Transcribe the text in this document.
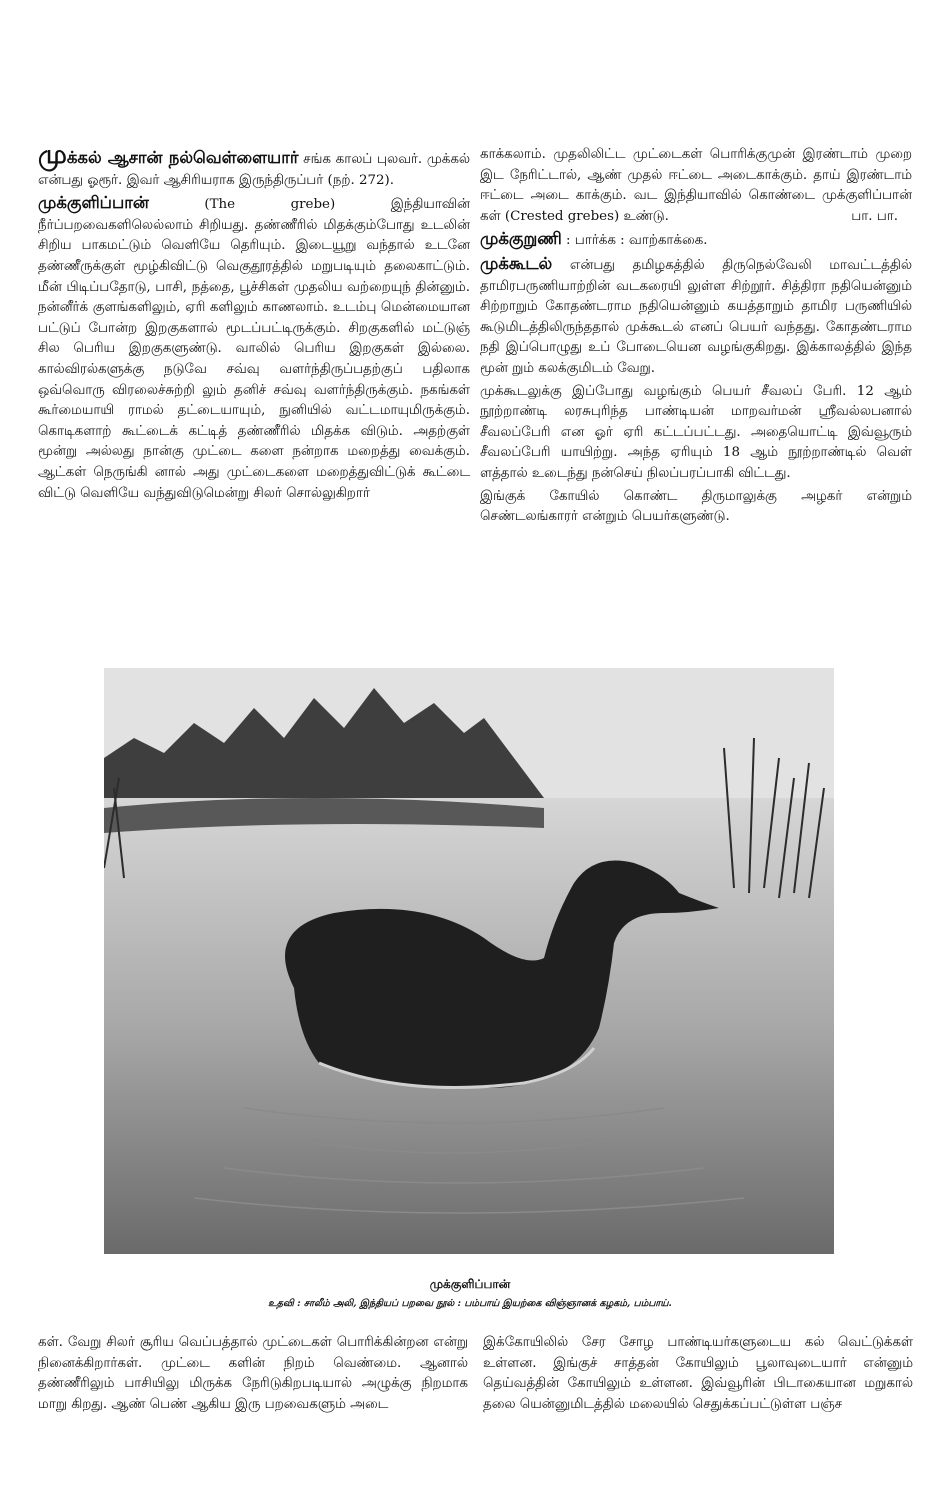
முக்கல் ஆசான் நல்வெள்ளையார் சங்க காலப் புலவர். முக்கல் என்பது ஓரூர். இவர் ஆசிரியராக இருந்திருப்பர் (நற். 272).

முக்குளிப்பான் (The grebe) இந்தியாவின் நீர்ப்பறவைகளிலெல்லாம் சிறியது. தண்ணீரில் மிதக்கும்போது உடலின் சிறிய பாகமட்டும் வெளியே தெரியும். இடையூறு வந்தால் உடனே தண்ணீருக்குள் மூழ்கிவிட்டு வெகுதூரத்தில் மறுபடியும் தலைகாட்டும். மீன் பிடிப்பதோடு, பாசி, நத்தை, பூச்சிகள் முதலிய வற்றையுந் தின்னும். நன்னீர்க் குளங்களிலும், ஏரி களிலும் காணலாம். உடம்பு மென்மையான பட்டுப் போன்ற இறகுகளால் மூடப்பட்டிருக்கும். சிறகுகளில் மட்டுஞ் சில பெரிய இறகுகளுண்டு. வாலில் பெரிய இறகுகள் இல்லை. கால்விரல்களுக்கு நடுவே சவ்வு வளர்ந்திருப்பதற்குப் பதிலாக ஒவ்வொரு விரலைச்சுற்றி லும் தனிச் சவ்வு வளர்ந்திருக்கும். நகங்கள் கூர்மையாயி ராமல் தட்டையாயும், நுனியில் வட்டமாயுமிருக்கும். கொடிகளாற் கூட்டைக் கட்டித் தண்ணீரில் மிதக்க விடும். அதற்குள் மூன்று அல்லது நான்கு முட்டை களை நன்றாக மறைத்து வைக்கும். ஆட்கள் நெருங்கி னால் அது முட்டைகளை மறைத்துவிட்டுக் கூட்டை விட்டு வெளியே வந்துவிடுமென்று சிலர் சொல்லுகிறார்

காக்கலாம். முதலிலிட்ட முட்டைகள் பொரிக்குமுன் இரண்டாம் முறை இட நேரிட்டால், ஆண் முதல் ஈட்டை அடைகாக்கும். தாய் இரண்டாம் ஈட்டை அடை காக்கும். வட இந்தியாவில் கொண்டை முக்குளிப்பான் கள் (Crested grebes) உண்டு.	பா. பா.

முக்குறுணி : பார்க்க : வாற்காக்கை.

முக்கூடல் என்பது தமிழகத்தில் திருநெல்வேலி மாவட்டத்தில் தாமிரபருணியாற்றின் வடகரையி லுள்ள சிற்றூர். சித்திரா நதியென்னும் சிற்றாறும் கோதண்டராம நதியென்னும் கயத்தாறும் தாமிர பருணியில் கூடுமிடத்திலிருந்ததால் முக்கூடல் எனப் பெயர் வந்தது. கோதண்டராம நதி இப்பொழுது உப் போடையென வழங்குகிறது. இக்காலத்தில் இந்த மூன் றும் கலக்குமிடம் வேறு.

முக்கூடலுக்கு இப்போது வழங்கும் பெயர் சீவலப் பேரி. 12 ஆம் நூற்றாண்டி லரசுபுரிந்த பாண்டியன் மாறவர்மன் ஸ்ரீவல்லபனால் சீவலப்பேரி என ஓர் ஏரி கட்டப்பட்டது. அதையொட்டி இவ்வூரும் சீவலப்பேரி யாயிற்று. அந்த ஏரியும் 18 ஆம் நூற்றாண்டில் வெள் ளத்தால் உடைந்து நன்செய் நிலப்பரப்பாகி விட்டது.

இங்குக் கோயில் கொண்ட திருமாலுக்கு அழகர் என்றும் செண்டலங்காரர் என்றும் பெயர்களுண்டு.

முக்குளிப்பான்
உதவி : சாலீம் அலி, இந்தியப் பறவை நூல் : பம்பாய் இயற்கை விஞ்ஞானக் கழகம், பம்பாய்.

கள். வேறு சிலர் சூரிய வெப்பத்தால் முட்டைகள் பொரிக்கின்றன என்று நினைக்கிறார்கள். முட்டை களின் நிறம் வெண்மை. ஆனால் தண்ணீரிலும் பாசியிலு மிருக்க நேரிடுகிறபடியால் அழுக்கு நிறமாக மாறு கிறது. ஆண் பெண் ஆகிய இரு பறவைகளும் அடை

இக்கோயிலில் சேர சோழ பாண்டியர்களுடைய கல் வெட்டுக்கள் உள்ளன. இங்குச் சாத்தன் கோயிலும் பூலாவுடையார் என்னும் தெய்வத்தின் கோயிலும் உள்ளன. இவ்வூரின் பிடாகையான மறுகால் தலை யென்னுமிடத்தில் மலையில் செதுக்கப்பட்டுள்ள பஞ்ச
